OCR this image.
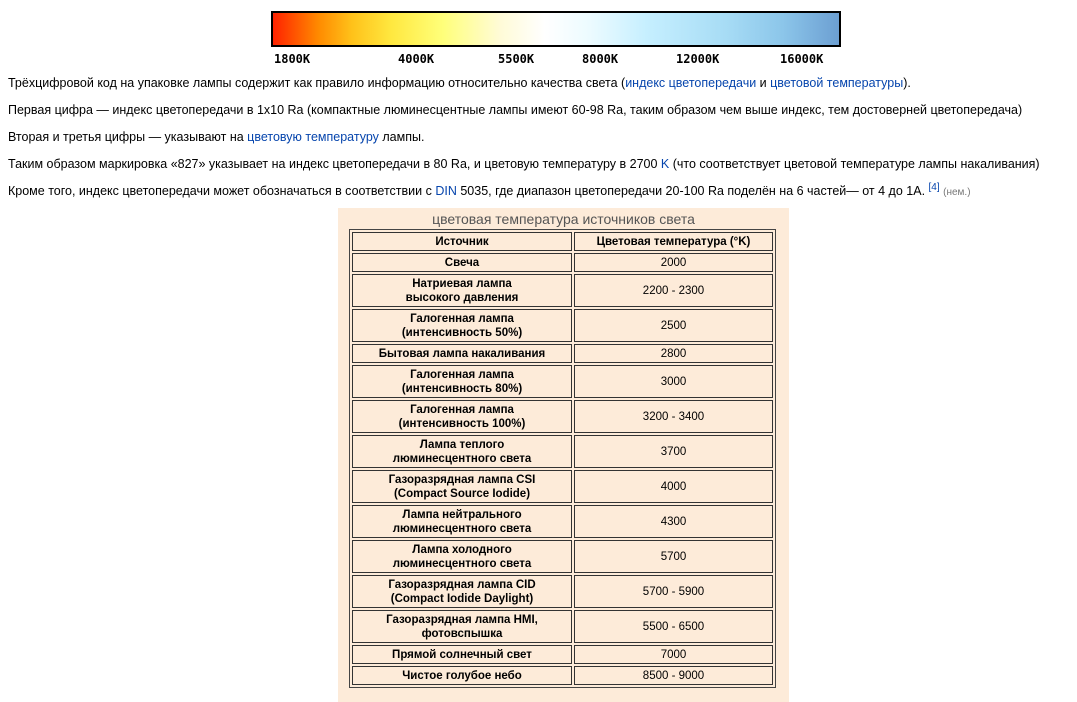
1800K	4000K	5500K	8000K	12000K	16000K
Трёхцифровой код на упаковке лампы содержит как правило информацию относительно качества света (индекс цветопередачи и цветовой температуры).
Первая цифра — индекс цветопередачи в 1x10 Ra (компактные люминесцентные лампы имеют 60-98 Ra, таким образом чем выше индекс, тем достоверней цветопередача)
Вторая и третья цифры — указывают на цветовую температуру лампы.
Таким образом маркировка «827» указывает на индекс цветопередачи в 80 Ra, и цветовую температуру в 2700 K (что соответствует цветовой температуре лампы накаливания)
Кроме того, индекс цветопередачи может обозначаться в соответствии с DIN 5035, где диапазон цветопередачи 20-100 Ra поделён на 6 частей— от 4 до 1А. [4] (нем.)
цветовая температура источников света
Источник	Цветовая температура (°K)
Свеча	2000
Натриевая лампа
высокого давления	2200 - 2300
Галогенная лампа
(интенсивность 50%)	2500
Бытовая лампа накаливания	2800
Галогенная лампа
(интенсивность 80%)	3000
Галогенная лампа
(интенсивность 100%)	3200 - 3400
Лампа теплого
люминесцентного света	3700
Газоразрядная лампа CSI
(Compact Source Iodide)	4000
Лампа нейтрального
люминесцентного света	4300
Лампа холодного
люминесцентного света	5700
Газоразрядная лампа CID
(Compact Iodide Daylight)	5700 - 5900
Газоразрядная лампа HMI,
фотовспышка	5500 - 6500
Прямой солнечный свет	7000
Чистое голубое небо	8500 - 9000
